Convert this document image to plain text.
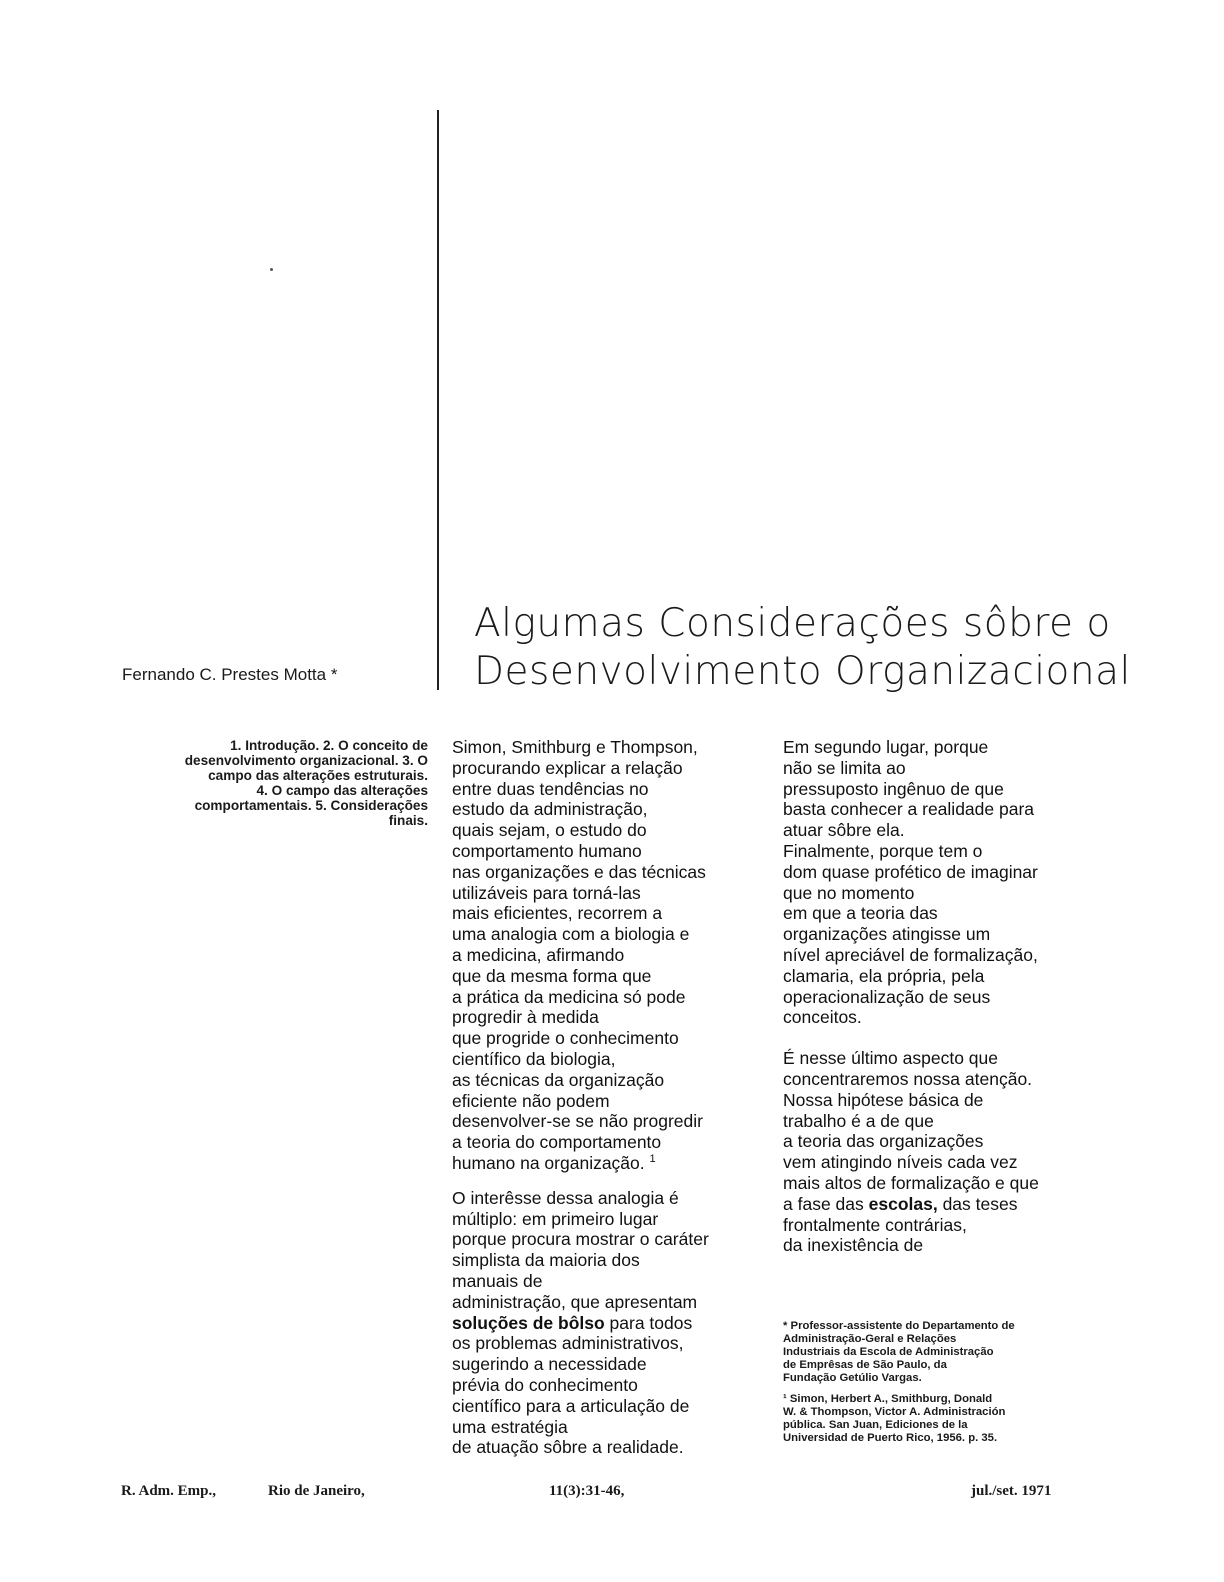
Algumas Considerações sôbre o
Desenvolvimento Organizacional
Fernando C. Prestes Motta *
1. Introdução. 2. O conceito de
desenvolvimento organizacional. 3. O
campo das alterações estruturais.
4. O campo das alterações
comportamentais. 5. Considerações
finais.
Simon, Smithburg e Thompson,
procurando explicar a relação
entre duas tendências no
estudo da administração,
quais sejam, o estudo do
comportamento humano
nas organizações e das técnicas
utilizáveis para torná-las
mais eficientes, recorrem a
uma analogia com a biologia e
a medicina, afirmando
que da mesma forma que
a prática da medicina só pode
progredir à medida
que progride o conhecimento
científico da biologia,
as técnicas da organização
eficiente não podem
desenvolver-se se não progredir
a teoria do comportamento
humano na organização. $^1$
O interêsse dessa analogia é
múltiplo: em primeiro lugar
porque procura mostrar o caráter
simplista da maioria dos
manuais de
administração, que apresentam
soluções de bôlso para todos
os problemas administrativos,
sugerindo a necessidade
prévia do conhecimento
científico para a articulação de
uma estratégia
de atuação sôbre a realidade.
Em segundo lugar, porque
não se limita ao
pressuposto ingênuo de que
basta conhecer a realidade para
atuar sôbre ela.
Finalmente, porque tem o
dom quase profético de imaginar
que no momento
em que a teoria das
organizações atingisse um
nível apreciável de formalização,
clamaria, ela própria, pela
operacionalização de seus
conceitos.
É nesse último aspecto que
concentraremos nossa atenção.
Nossa hipótese básica de
trabalho é a de que
a teoria das organizações
vem atingindo níveis cada vez
mais altos de formalização e que
a fase das escolas, das teses
frontalmente contrárias,
da inexistência de
* Professor-assistente do Departamento de
Administração-Geral e Relações
Industriais da Escola de Administração
de Emprêsas de São Paulo, da
Fundação Getúlio Vargas.
¹ Simon, Herbert A., Smithburg, Donald
W. & Thompson, Victor A. Administración
pública. San Juan, Ediciones de la
Universidad de Puerto Rico, 1956. p. 35.
R. Adm. Emp.,	Rio de Janeiro,	11(3):31-46,	jul./set. 1971
